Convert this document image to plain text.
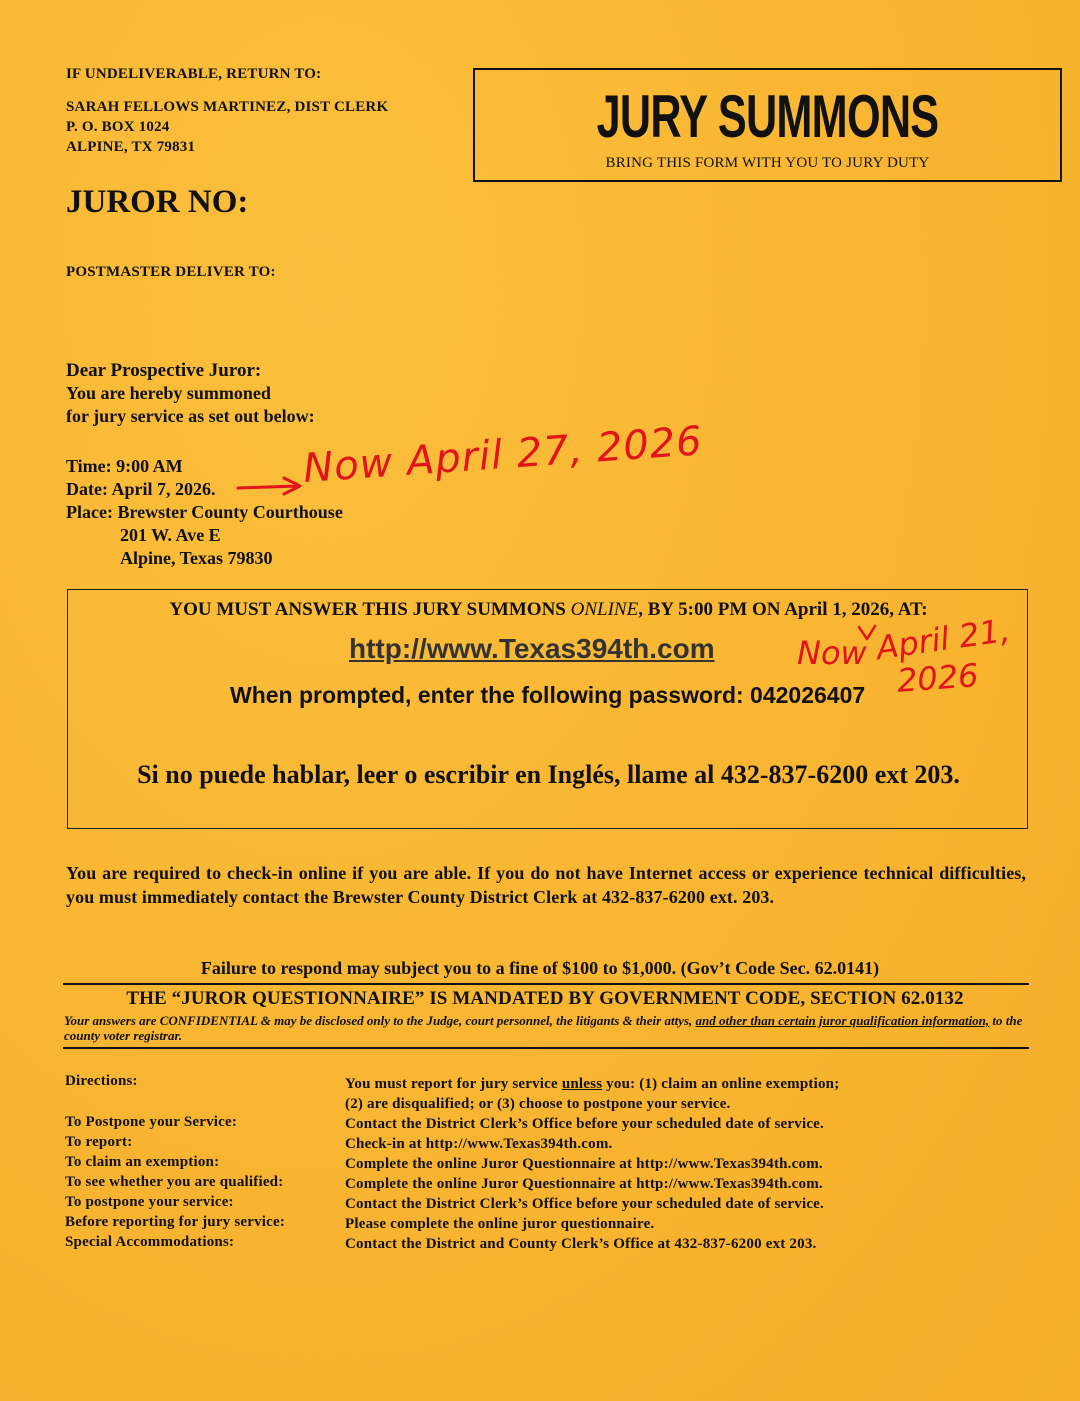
IF UNDELIVERABLE, RETURN TO:
SARAH FELLOWS MARTINEZ, DIST CLERK
P. O. BOX 1024
ALPINE, TX 79831	JURY SUMMONS
BRING THIS FORM WITH YOU TO JURY DUTY
JUROR NO:
POSTMASTER DELIVER TO:
Dear Prospective Juror:
You are hereby summoned
for jury service as set out below:
Time: 9:00 AM
Date: April 7, 2026.
Place: Brewster County Courthouse
201 W. Ave E
Alpine, Texas 79830
Now April 27, 2026
YOU MUST ANSWER THIS JURY SUMMONS ONLINE, BY 5:00 PM ON April 1, 2026, AT:
http://www.Texas394th.com
When prompted, enter the following password: 042026407
Si no puede hablar, leer o escribir en Inglés, llame al 432-837-6200 ext 203.
Now April 21,
2026
You are required to check-in online if you are able. If you do not have Internet access or experience technical difficulties, you must immediately contact the Brewster County District Clerk at 432-837-6200 ext. 203.
Failure to respond may subject you to a fine of $100 to $1,000. (Gov’t Code Sec. 62.0141)
THE “JUROR QUESTIONNAIRE” IS MANDATED BY GOVERNMENT CODE, SECTION 62.0132
Your answers are CONFIDENTIAL & may be disclosed only to the Judge, court personnel, the litigants & their attys, and other than certain juror qualification information, to the county voter registrar.
Directions:
To Postpone your Service:
To report:
To claim an exemption:
To see whether you are qualified:
To postpone your service:
Before reporting for jury service:
Special Accommodations:
You must report for jury service unless you: (1) claim an online exemption;
(2) are disqualified; or (3) choose to postpone your service.
Contact the District Clerk’s Office before your scheduled date of service.
Check-in at http://www.Texas394th.com.
Complete the online Juror Questionnaire at http://www.Texas394th.com.
Complete the online Juror Questionnaire at http://www.Texas394th.com.
Contact the District Clerk’s Office before your scheduled date of service.
Please complete the online juror questionnaire.
Contact the District and County Clerk’s Office at 432-837-6200 ext 203.
